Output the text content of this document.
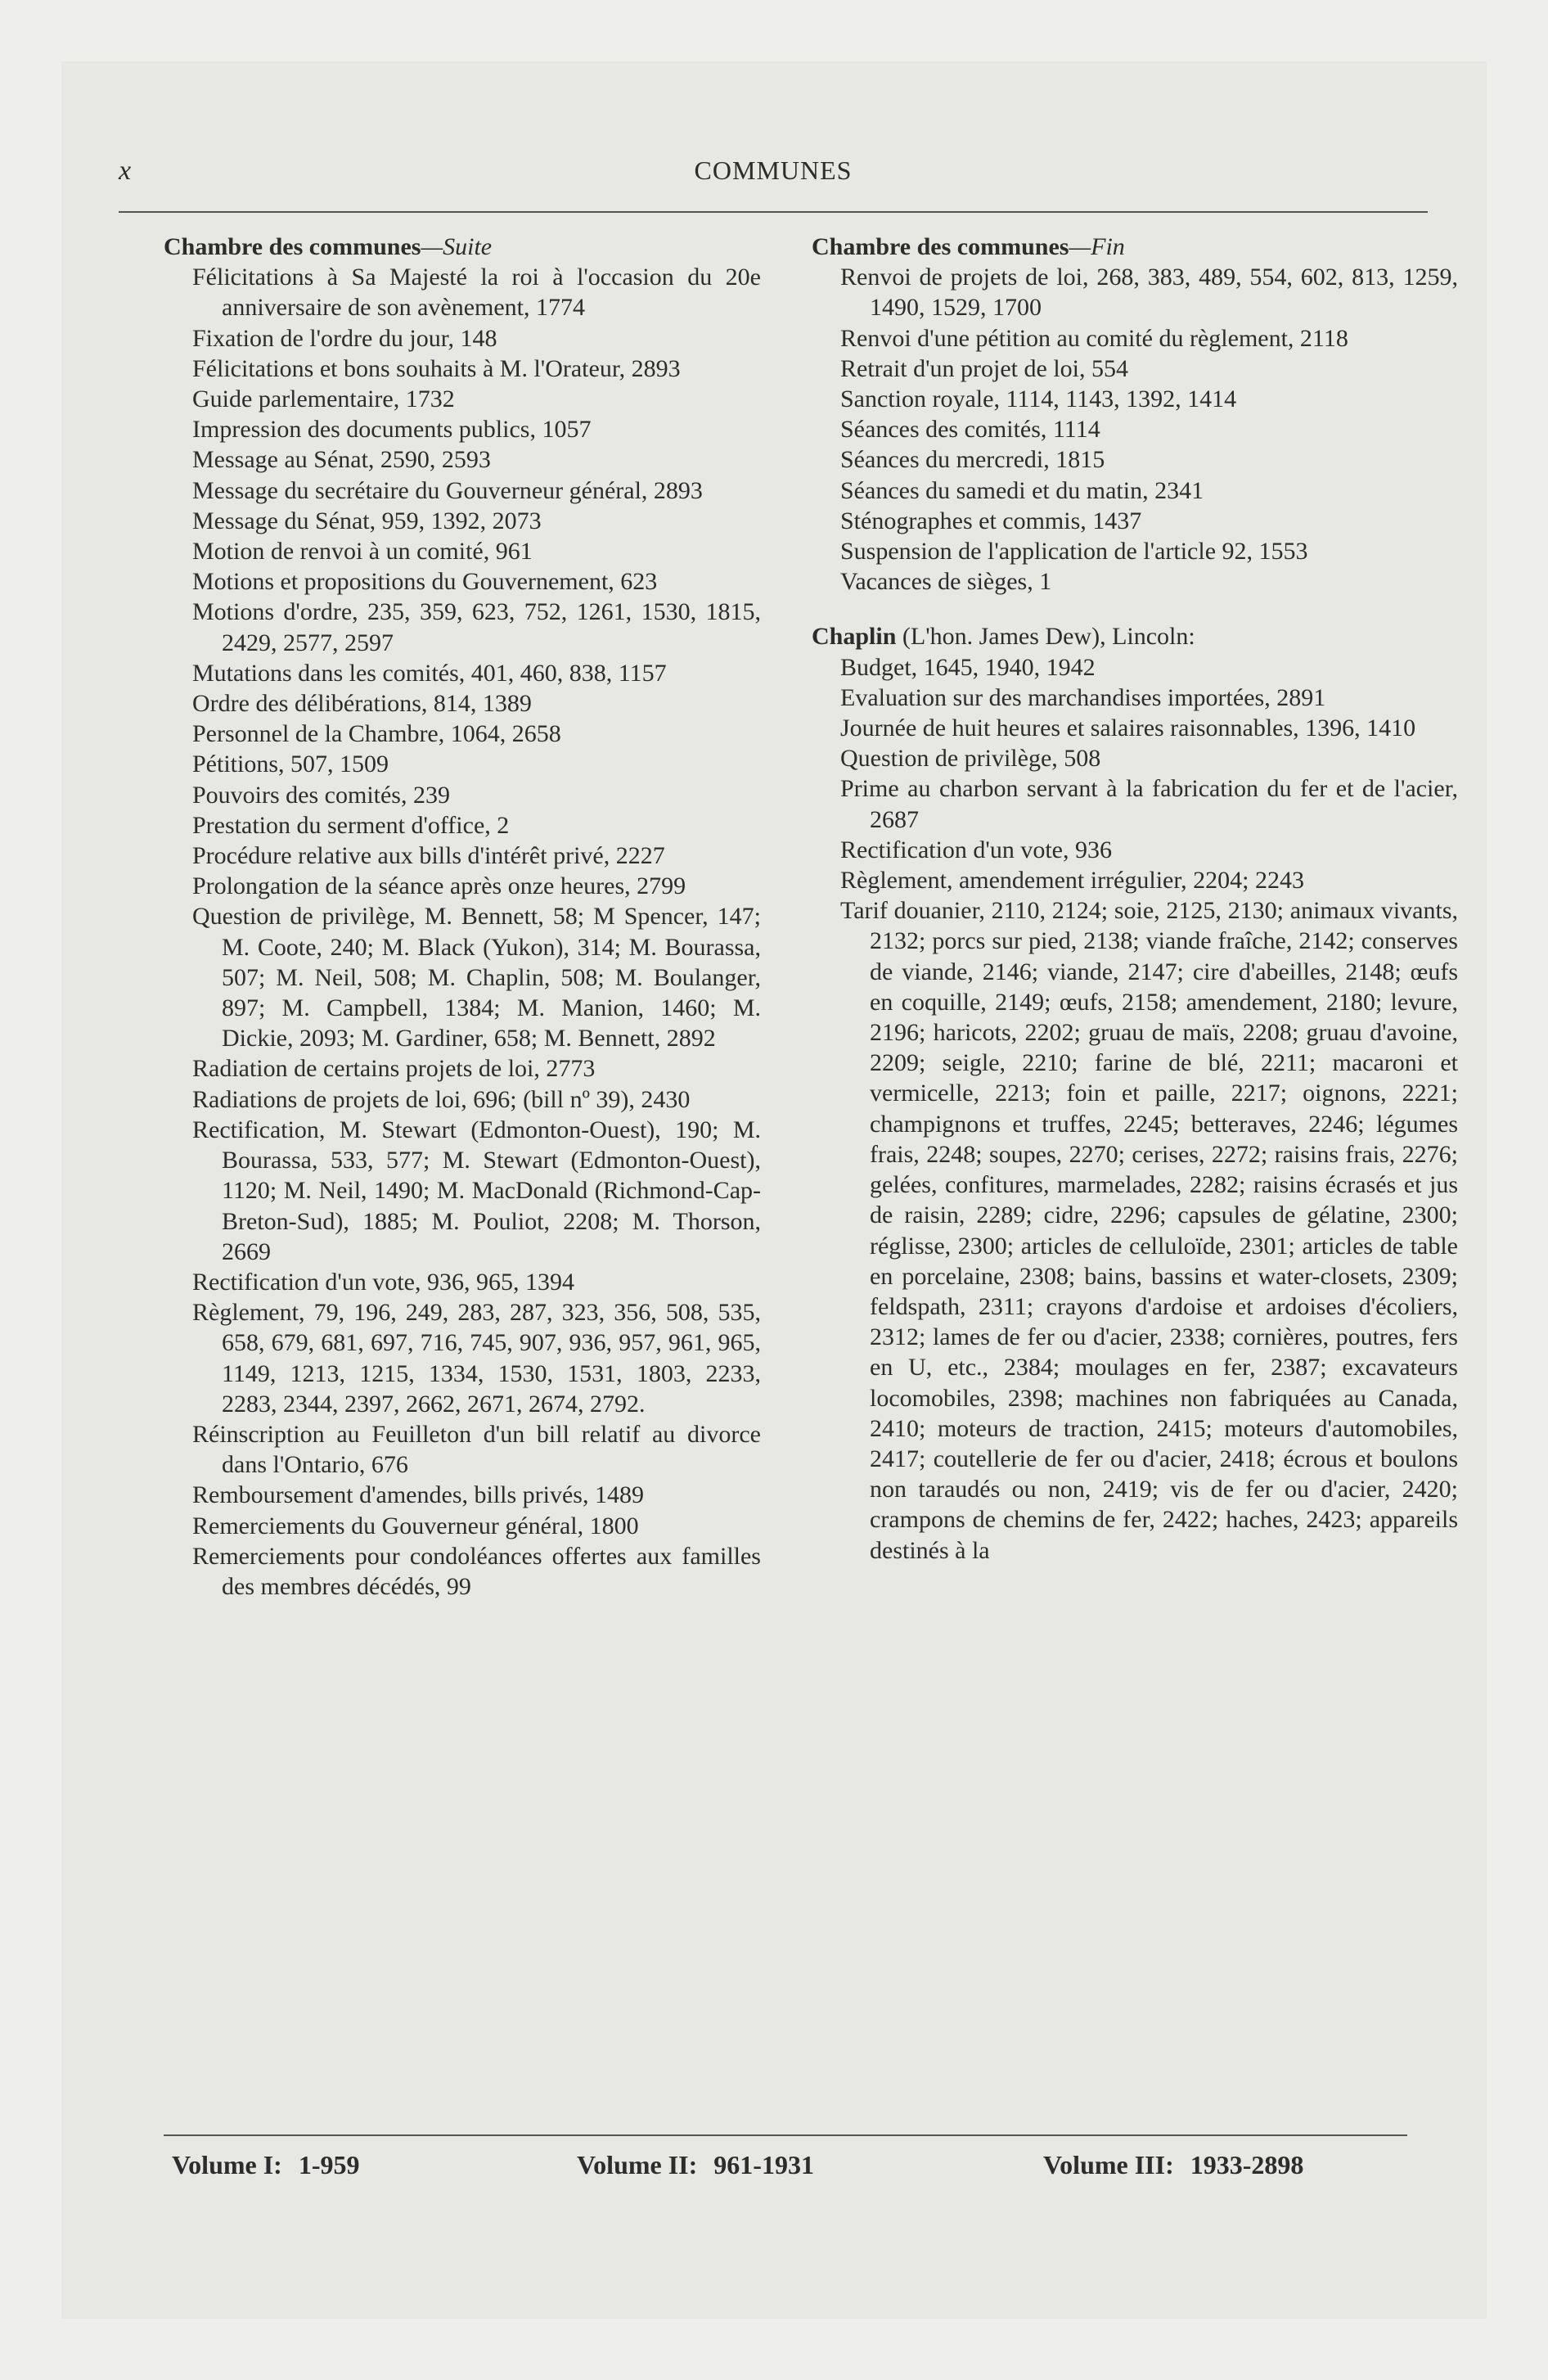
COMMUNES
x
Chambre des communes—Suite
Félicitations à Sa Majesté la roi à l'occasion du 20e anniversaire de son avènement, 1774
Fixation de l'ordre du jour, 148
Félicitations et bons souhaits à M. l'Orateur, 2893
Guide parlementaire, 1732
Impression des documents publics, 1057
Message au Sénat, 2590, 2593
Message du secrétaire du Gouverneur général, 2893
Message du Sénat, 959, 1392, 2073
Motion de renvoi à un comité, 961
Motions et propositions du Gouvernement, 623
Motions d'ordre, 235, 359, 623, 752, 1261, 1530, 1815, 2429, 2577, 2597
Mutations dans les comités, 401, 460, 838, 1157
Ordre des délibérations, 814, 1389
Personnel de la Chambre, 1064, 2658
Pétitions, 507, 1509
Pouvoirs des comités, 239
Prestation du serment d'office, 2
Procédure relative aux bills d'intérêt privé, 2227
Prolongation de la séance après onze heures, 2799
Question de privilège, M. Bennett, 58; M Spencer, 147; M. Coote, 240; M. Black (Yukon), 314; M. Bourassa, 507; M. Neil, 508; M. Chaplin, 508; M. Boulanger, 897; M. Campbell, 1384; M. Manion, 1460; M. Dickie, 2093; M. Gardiner, 658; M. Bennett, 2892
Radiation de certains projets de loi, 2773
Radiations de projets de loi, 696; (bill nº 39), 2430
Rectification, M. Stewart (Edmonton-Ouest), 190; M. Bourassa, 533, 577; M. Stewart (Edmonton-Ouest), 1120; M. Neil, 1490; M. MacDonald (Richmond-Cap-Breton-Sud), 1885; M. Pouliot, 2208; M. Thorson, 2669
Rectification d'un vote, 936, 965, 1394
Règlement, 79, 196, 249, 283, 287, 323, 356, 508, 535, 658, 679, 681, 697, 716, 745, 907, 936, 957, 961, 965, 1149, 1213, 1215, 1334, 1530, 1531, 1803, 2233, 2283, 2344, 2397, 2662, 2671, 2674, 2792.
Réinscription au Feuilleton d'un bill relatif au divorce dans l'Ontario, 676
Remboursement d'amendes, bills privés, 1489
Remerciements du Gouverneur général, 1800
Remerciements pour condoléances offertes aux familles des membres décédés, 99
Chambre des communes—Fin
Renvoi de projets de loi, 268, 383, 489, 554, 602, 813, 1259, 1490, 1529, 1700
Renvoi d'une pétition au comité du règlement, 2118
Retrait d'un projet de loi, 554
Sanction royale, 1114, 1143, 1392, 1414
Séances des comités, 1114
Séances du mercredi, 1815
Séances du samedi et du matin, 2341
Sténographes et commis, 1437
Suspension de l'application de l'article 92, 1553
Vacances de sièges, 1
Chaplin (L'hon. James Dew), Lincoln:
Budget, 1645, 1940, 1942
Evaluation sur des marchandises importées, 2891
Journée de huit heures et salaires raisonnables, 1396, 1410
Question de privilège, 508
Prime au charbon servant à la fabrication du fer et de l'acier, 2687
Rectification d'un vote, 936
Règlement, amendement irrégulier, 2204; 2243
Tarif douanier, 2110, 2124; soie, 2125, 2130; animaux vivants, 2132; porcs sur pied, 2138; viande fraîche, 2142; conserves de viande, 2146; viande, 2147; cire d'abeilles, 2148; œufs en coquille, 2149; œufs, 2158; amendement, 2180; levure, 2196; haricots, 2202; gruau de maïs, 2208; gruau d'avoine, 2209; seigle, 2210; farine de blé, 2211; macaroni et vermicelle, 2213; foin et paille, 2217; oignons, 2221; champignons et truffes, 2245; betteraves, 2246; légumes frais, 2248; soupes, 2270; cerises, 2272; raisins frais, 2276; gelées, confitures, marmelades, 2282; raisins écrasés et jus de raisin, 2289; cidre, 2296; capsules de gélatine, 2300; réglisse, 2300; articles de celluloïde, 2301; articles de table en porcelaine, 2308; bains, bassins et water-closets, 2309; feldspath, 2311; crayons d'ardoise et ardoises d'écoliers, 2312; lames de fer ou d'acier, 2338; cornières, poutres, fers en U, etc., 2384; moulages en fer, 2387; excavateurs locomobiles, 2398; machines non fabriquées au Canada, 2410; moteurs de traction, 2415; moteurs d'automobiles, 2417; coutellerie de fer ou d'acier, 2418; écrous et boulons non taraudés ou non, 2419; vis de fer ou d'acier, 2420; crampons de chemins de fer, 2422; haches, 2423; appareils destinés à la
Volume I: 1-959	Volume II: 961-1931	Volume III: 1933-2898
